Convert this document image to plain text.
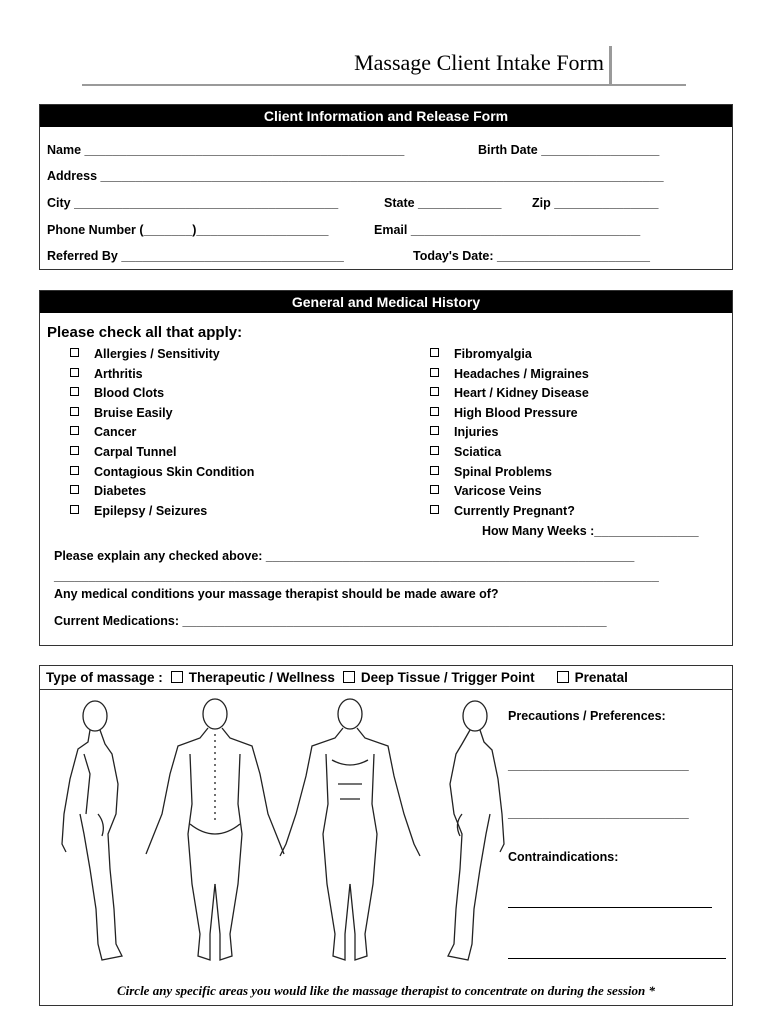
Massage Client Intake Form
Client Information and Release Form
Name ______________________________________________	Birth Date _________________
Address _________________________________________________________________________________
City ______________________________________	State ____________ Zip _______________
Phone Number (_______)___________________	Email _________________________________
Referred By ________________________________	Today's Date: ______________________
General and Medical History
Please check all that apply:
Allergies / Sensitivity
Arthritis
Blood Clots
Bruise Easily
Cancer
Carpal Tunnel
Contagious Skin Condition
Diabetes
Epilepsy / Seizures
Fibromyalgia
Headaches / Migraines
Heart / Kidney Disease
High Blood Pressure
Injuries
Sciatica
Spinal Problems
Varicose Veins
Currently Pregnant?
How Many Weeks :_______________
Please explain any checked above: _____________________________________________________
_______________________________________________________________________________________
Any medical conditions your massage therapist should be made aware of?
Current Medications: _____________________________________________________________
Type of massage : Therapeutic / Wellness Deep Tissue / Trigger Point	Prenatal
Precautions / Preferences:
__________________________
__________________________
Contraindications:
Circle any specific areas you would like the massage therapist to concentrate on during the session *
